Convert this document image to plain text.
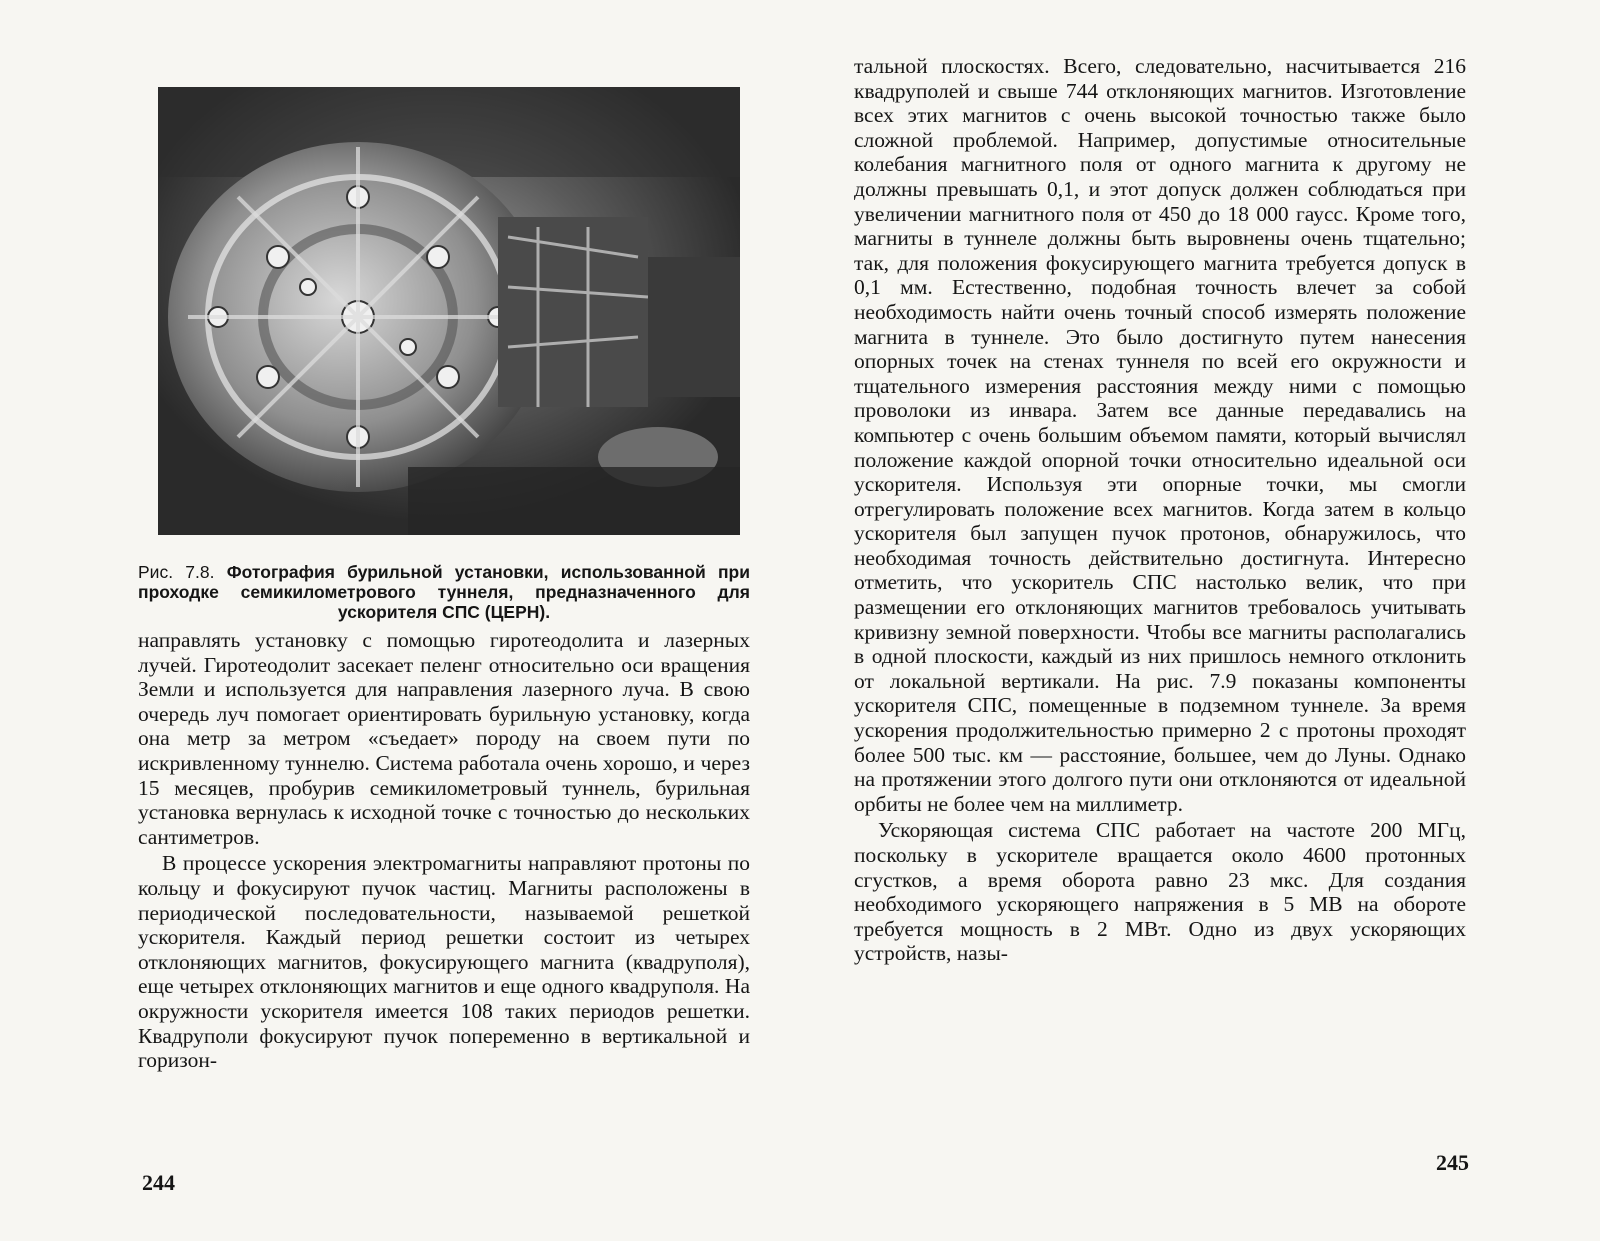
Рис. 7.8. Фотография бурильной установки, использованной при проходке семикилометрового туннеля, предназначенного для ускорителя СПС (ЦЕРН).

направлять установку с помощью гиротеодолита и лазерных лучей. Гиротеодолит засекает пеленг относительно оси вращения Земли и используется для направления лазерного луча. В свою очередь луч помогает ориентировать бурильную установку, когда она метр за метром «съедает» породу на своем пути по искривленному туннелю. Система работала очень хорошо, и через 15 месяцев, пробурив семикилометровый туннель, бурильная установка вернулась к исходной точке с точностью до нескольких сантиметров.

В процессе ускорения электромагниты направляют протоны по кольцу и фокусируют пучок частиц. Магниты расположены в периодической последовательности, называемой решеткой ускорителя. Каждый период решетки состоит из четырех отклоняющих магнитов, фокусирующего магнита (квадруполя), еще четырех отклоняющих магнитов и еще одного квадруполя. На окружности ускорителя имеется 108 таких периодов решетки. Квадруполи фокусируют пучок попеременно в вертикальной и горизон-

244

тальной плоскостях. Всего, следовательно, насчитывается 216 квадруполей и свыше 744 отклоняющих магнитов. Изготовление всех этих магнитов с очень высокой точностью также было сложной проблемой. Например, допустимые относительные колебания магнитного поля от одного магнита к другому не должны превышать 0,1, и этот допуск должен соблюдаться при увеличении магнитного поля от 450 до 18 000 гаусс. Кроме того, магниты в туннеле должны быть выровнены очень тщательно; так, для положения фокусирующего магнита требуется допуск в 0,1 мм. Естественно, подобная точность влечет за собой необходимость найти очень точный способ измерять положение магнита в туннеле. Это было достигнуто путем нанесения опорных точек на стенах туннеля по всей его окружности и тщательного измерения расстояния между ними с помощью проволоки из инвара. Затем все данные передавались на компьютер с очень большим объемом памяти, который вычислял положение каждой опорной точки относительно идеальной оси ускорителя. Используя эти опорные точки, мы смогли отрегулировать положение всех магнитов. Когда затем в кольцо ускорителя был запущен пучок протонов, обнаружилось, что необходимая точность действительно достигнута. Интересно отметить, что ускоритель СПС настолько велик, что при размещении его отклоняющих магнитов требовалось учитывать кривизну земной поверхности. Чтобы все магниты располагались в одной плоскости, каждый из них пришлось немного отклонить от локальной вертикали. На рис. 7.9 показаны компоненты ускорителя СПС, помещенные в подземном туннеле. За время ускорения продолжительностью примерно 2 с протоны проходят более 500 тыс. км — расстояние, большее, чем до Луны. Однако на протяжении этого долгого пути они отклоняются от идеальной орбиты не более чем на миллиметр.

Ускоряющая система СПС работает на частоте 200 МГц, поскольку в ускорителе вращается около 4600 протонных сгустков, а время оборота равно 23 мкс. Для создания необходимого ускоряющего напряжения в 5 МВ на обороте требуется мощность в 2 МВт. Одно из двух ускоряющих устройств, назы-

245
